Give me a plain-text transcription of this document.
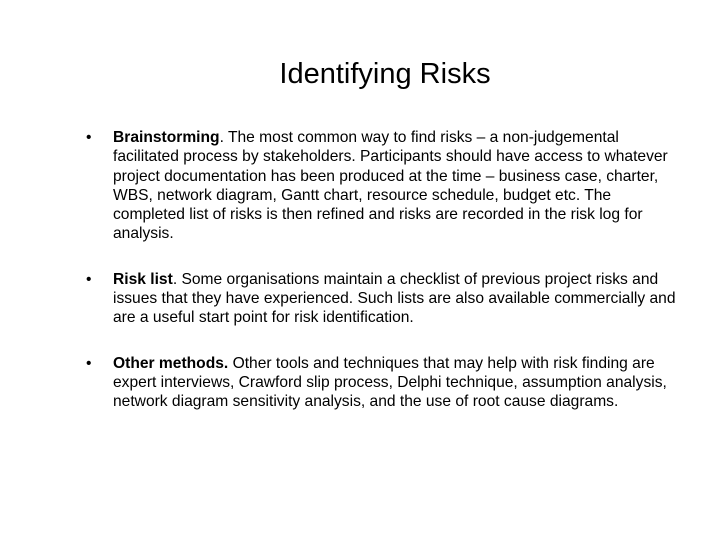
Identifying Risks
•	Brainstorming. The most common way to find risks – a non-judgemental facilitated process by stakeholders. Participants should have access to whatever project documentation has been produced at the time – business case, charter, WBS, network diagram, Gantt chart, resource schedule, budget etc. The completed list of risks is then refined and risks are recorded in the risk log for analysis.
•	Risk list. Some organisations maintain a checklist of previous project risks and issues that they have experienced. Such lists are also available commercially and are a useful start point for risk identification.
•	Other methods. Other tools and techniques that may help with risk finding are expert interviews, Crawford slip process, Delphi technique, assumption analysis, network diagram sensitivity analysis, and the use of root cause diagrams.
